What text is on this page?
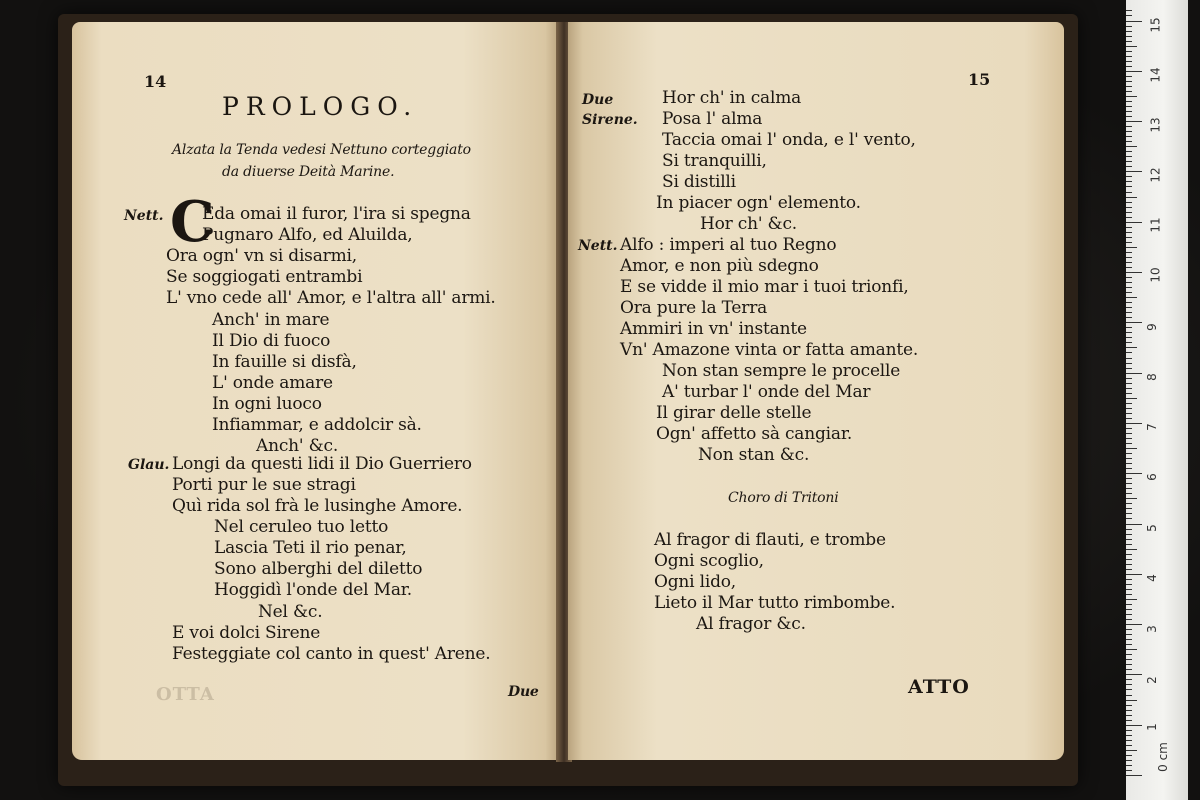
14
PROLOGO.
Alzata la Tenda vedesi Nettuno corteggiato
da diuerse Deità Marine.
Nett. C
Eda omai il furor, l'ira si spegna
Pugnaro Alfo, ed Aluilda,
Ora ogn' vn si disarmi,
Se soggiogati entrambi
L' vno cede all' Amor, e l'altra all' armi.
Anch' in mare
Il Dio di fuoco
In fauille si disfà,
L' onde amare
In ogni luoco
Infiammar, e addolcir sà.
Anch' &c.
Glau. Longi da questi lidi il Dio Guerriero
Porti pur le sue stragi
Quì rida sol frà le lusinghe Amore.
Nel ceruleo tuo letto
Lascia Teti il rio penar,
Sono alberghi del diletto
Hoggidì l'onde del Mar.
Nel &c.
E voi dolci Sirene
Festeggiate col canto in quest' Arene.
OTTA	Due
15
Due
Sirene.
Hor ch' in calma
Posa l' alma
Taccia omai l' onda, e l' vento,
Si tranquilli,
Si distilli
In piacer ogn' elemento.
Hor ch' &c.
Nett. Alfo : imperi al tuo Regno
Amor, e non più sdegno
E se vidde il mio mar i tuoi trionfi,
Ora pure la Terra
Ammiri in vn' instante
Vn' Amazone vinta or fatta amante.
Non stan sempre le procelle
A' turbar l' onde del Mar
Il girar delle stelle
Ogn' affetto sà cangiar.
Non stan &c.
Choro di Tritoni
Al fragor di flauti, e trombe
Ogni scoglio,
Ogni lido,
Lieto il Mar tutto rimbombe.
Al fragor &c.
ATTO
0 cm
1
2
3
4
5
6
7
8
9
10
11
12
13
14
15
